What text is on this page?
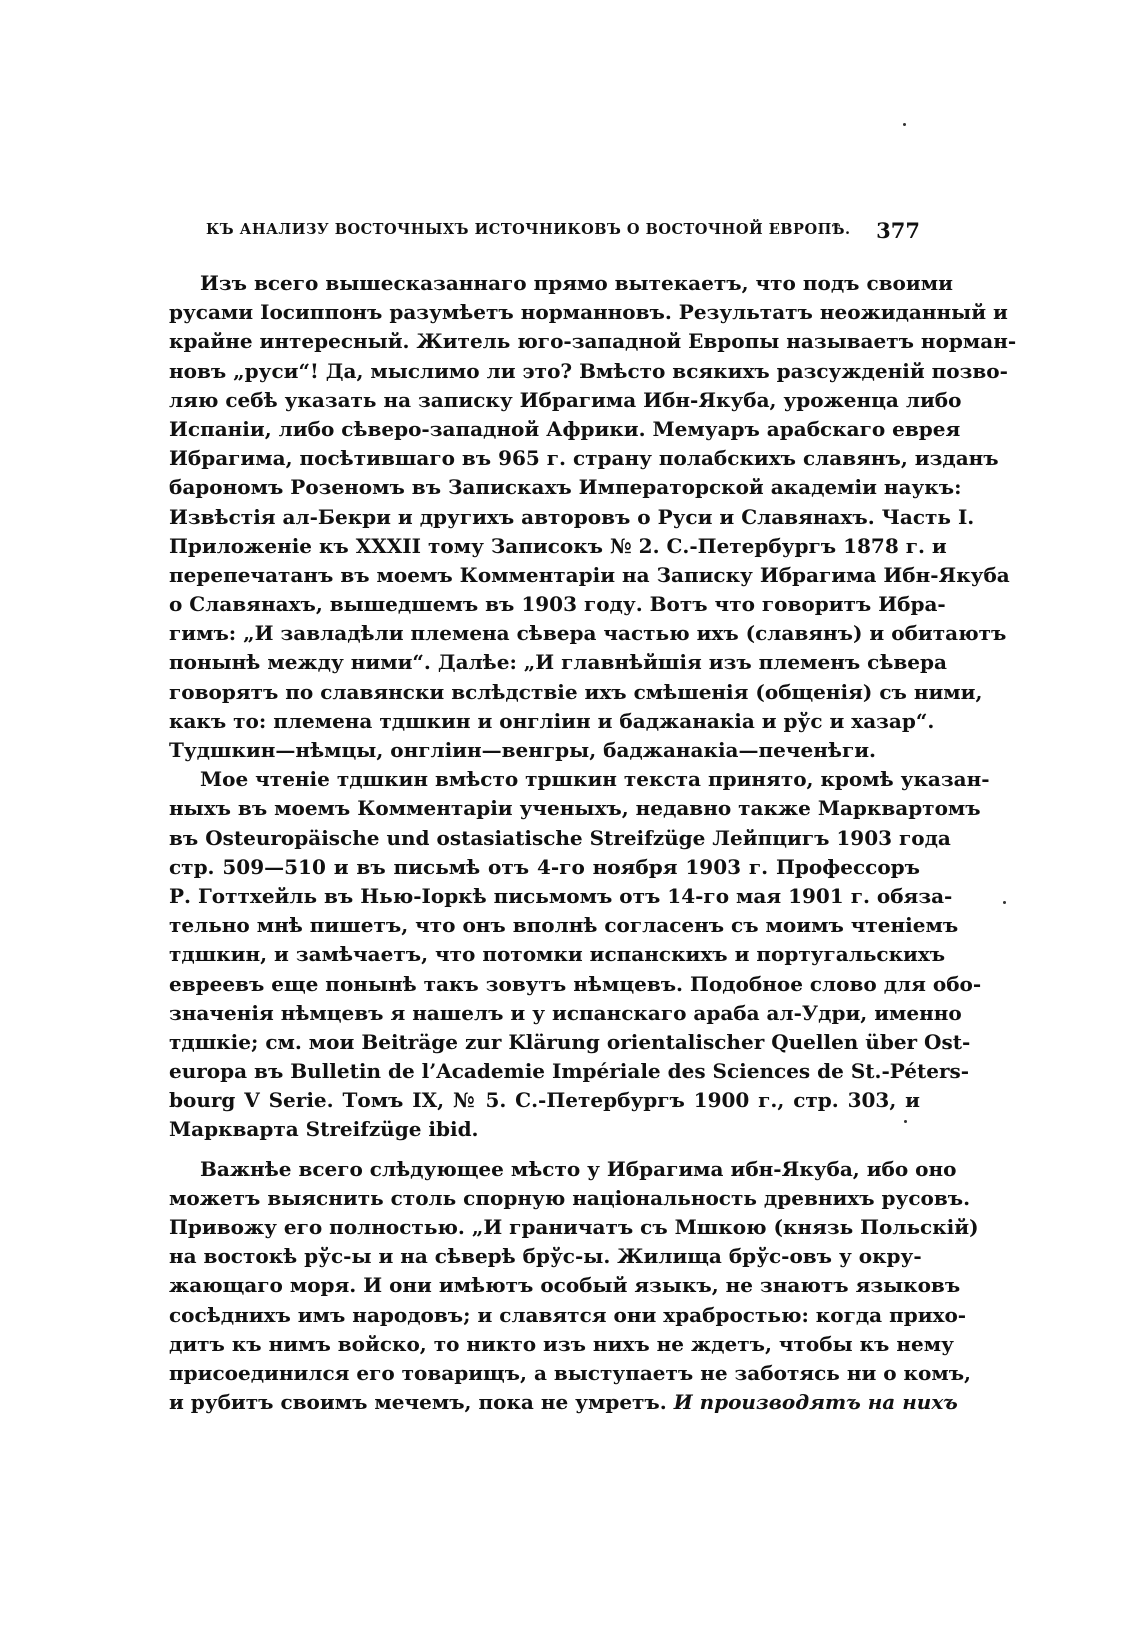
КЪ АНАЛИЗУ ВОСТОЧНЫХЪ ИСТОЧНИКОВЪ О ВОСТОЧНОЙ ЕВРОПѢ. 377
Изъ всего вышесказаннаго прямо вытекаетъ, что подъ своими
русами Іосиппонъ разумѣетъ норманновъ. Результатъ неожиданный и
крайне интересный. Житель юго-западной Европы называетъ норман-
новъ „руси“! Да, мыслимо ли это? Вмѣсто всякихъ разсужденій позво-
ляю себѣ указать на записку Ибрагима Ибн-Якуба, уроженца либо
Испаніи, либо сѣверо-западной Африки. Мемуаръ арабскаго еврея
Ибрагима, посѣтившаго въ 965 г. страну полабскихъ славянъ, изданъ
барономъ Розеномъ въ Запискахъ Императорской академіи наукъ:
Извѣстія ал-Бекри и другихъ авторовъ о Руси и Славянахъ. Часть I.
Приложеніе къ XXXII тому Записокъ № 2. С.-Петербургъ 1878 г. и
перепечатанъ въ моемъ Комментаріи на Записку Ибрагима Ибн-Якуба
о Славянахъ, вышедшемъ въ 1903 году. Вотъ что говоритъ Ибра-
гимъ: „И завладѣли племена сѣвера частью ихъ (славянъ) и обитаютъ
понынѣ между ними“. Далѣе: „И главнѣйшія изъ племенъ сѣвера
говорятъ по славянски вслѣдствіе ихъ смѣшенія (общенія) съ ними,
какъ то: племена тдшкин и онглiин и баджанакiа и рўс и хазар“.
Тудшкин—нѣмцы, онглiин—венгры, баджанакiа—печенѣги.
Мое чтеніе тдшкин вмѣсто тршкин текста принято, кромѣ указан-
ныхъ въ моемъ Комментаріи ученыхъ, недавно также Марквартомъ
въ Osteuropäische und ostasiatische Streifzüge Лейпцигъ 1903 года
стр. 509—510 и въ письмѣ отъ 4-го ноября 1903 г. Профессоръ
Р. Готтхейль въ Нью-Іоркѣ письмомъ отъ 14-го мая 1901 г. обяза-
тельно мнѣ пишетъ, что онъ вполнѣ согласенъ съ моимъ чтеніемъ
тдшкин, и замѣчаетъ, что потомки испанскихъ и португальскихъ
евреевъ еще понынѣ такъ зовутъ нѣмцевъ. Подобное слово для обо-
значенія нѣмцевъ я нашелъ и у испанскаго араба ал-Удри, именно
тдшкiе; см. мои Beiträge zur Klärung orientalischer Quellen über Ost-
europa въ Bulletin de l’Academie Impériale des Sciences de St.-Péters-
bourg V Serie. Томъ IX, № 5. С.-Петербургъ 1900 г., стр. 303, и
Маркварта Streifzüge ibid.
Важнѣе всего слѣдующее мѣсто у Ибрагима ибн-Якуба, ибо оно
можетъ выяснить столь спорную національность древнихъ русовъ.
Привожу его полностью. „И граничатъ съ Мшкою (князь Польскій)
на востокѣ рўс-ы и на сѣверѣ брўс-ы. Жилища брўс-овъ у окру-
жающаго моря. И они имѣютъ особый языкъ, не знаютъ языковъ
сосѣднихъ имъ народовъ; и славятся они храбростью: когда прихо-
дитъ къ нимъ войско, то никто изъ нихъ не ждетъ, чтобы къ нему
присоединился его товарищъ, а выступаетъ не заботясь ни о комъ,
и рубитъ своимъ мечемъ, пока не умретъ. И производятъ на нихъ
